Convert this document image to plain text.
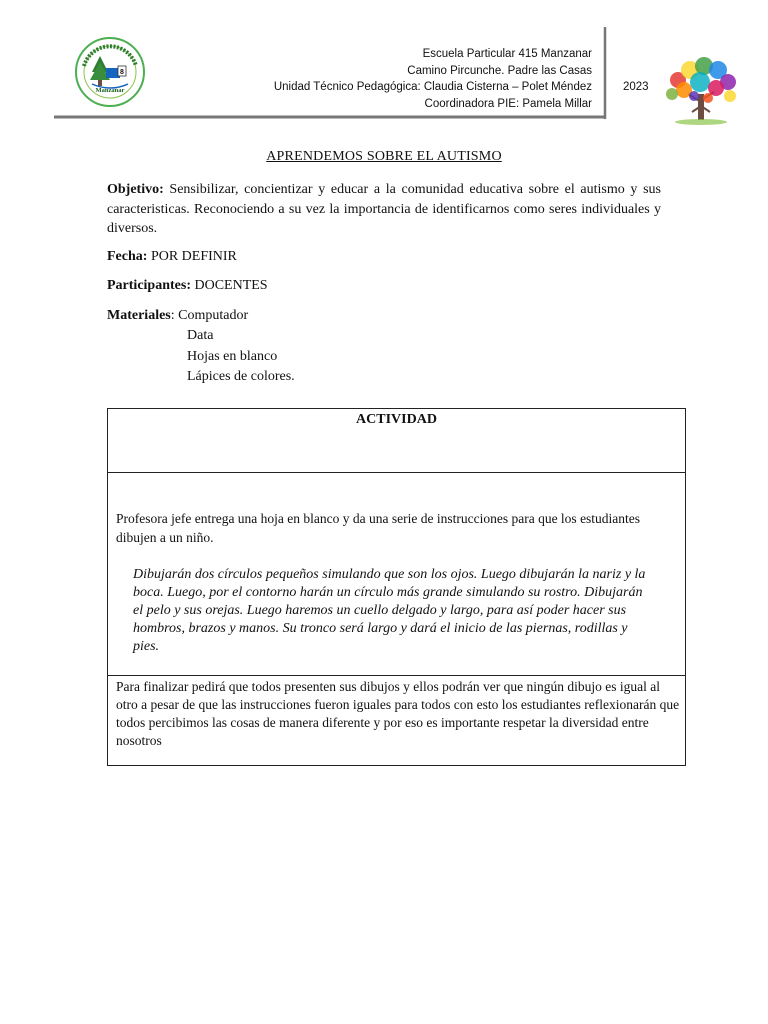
8
Manzanar
Escuela Particular 415 Manzanar
Camino Pircunche. Padre las Casas
Unidad Técnico Pedagógica: Claudia Cisterna – Polet Méndez
Coordinadora PIE: Pamela Millar
2023
APRENDEMOS SOBRE EL AUTISMO
Objetivo: Sensibilizar, concientizar y educar a la comunidad educativa sobre el autismo y sus caracteristicas. Reconociendo a su vez la importancia de identificarnos como seres individuales y diversos.
Fecha: POR DEFINIR
Participantes: DOCENTES
Materiales: Computador
Data
Hojas en blanco
Lápices de colores.
ACTIVIDAD
Profesora jefe entrega una hoja en blanco y da una serie de instrucciones para que los estudiantes dibujen a un niño.
Dibujarán dos círculos pequeños simulando que son los ojos. Luego dibujarán la nariz y la boca. Luego, por el contorno harán un círculo más grande simulando su rostro. Dibujarán el pelo y sus orejas. Luego haremos un cuello delgado y largo, para así poder hacer sus hombros, brazos y manos. Su tronco será largo y dará el inicio de las piernas, rodillas y pies.
Para finalizar pedirá que todos presenten sus dibujos y ellos podrán ver que ningún dibujo es igual al otro a pesar de que las instrucciones fueron iguales para todos con esto los estudiantes reflexionarán que todos percibimos las cosas de manera diferente y por eso es importante respetar la diversidad entre nosotros
